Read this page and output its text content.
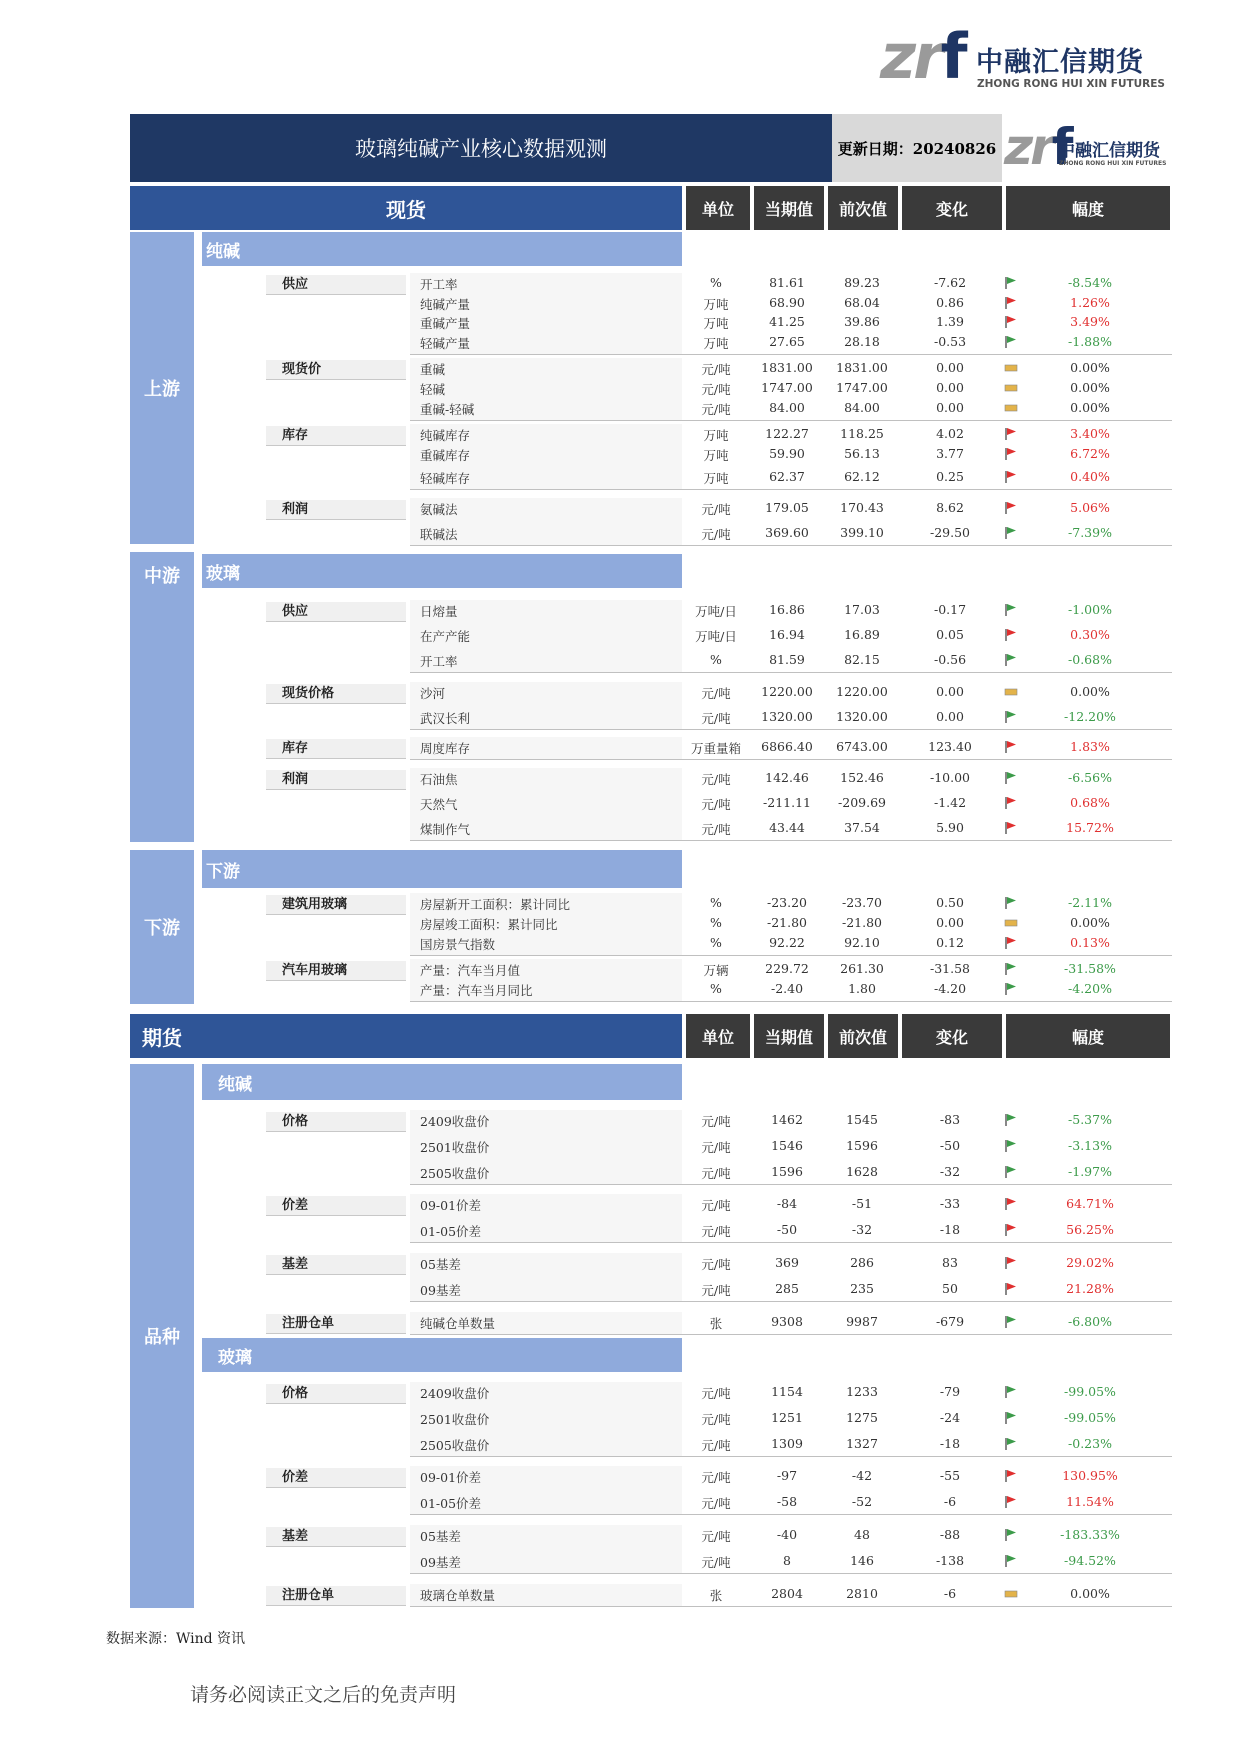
zrf 中融汇信期货
ZHONG RONG HUI XIN FUTURES
玻璃纯碱产业核心数据观测	更新日期：20240826 zrf
中融汇信期货
ZHONG RONG HUI XIN FUTURES
现货	单位	当期值	前次值	变化	幅度
期货	单位	当期值	前次值	变化	幅度
上游
中游
下游
品种
纯碱
玻璃
下游
纯碱
玻璃
供应	开工率	%	81.61	89.23	-7.62	-8.54%
纯碱产量	万吨	68.90	68.04	0.86	1.26%
重碱产量	万吨	41.25	39.86	1.39	3.49%
轻碱产量	万吨	27.65	28.18	-0.53	-1.88%
现货价	重碱	元/吨	1831.00	1831.00	0.00	0.00%
轻碱	元/吨	1747.00	1747.00	0.00	0.00%
重碱-轻碱	元/吨	84.00	84.00	0.00	0.00%
库存	纯碱库存	万吨	122.27	118.25	4.02	3.40%
重碱库存	万吨	59.90	56.13	3.77	6.72%
轻碱库存	万吨	62.37	62.12	0.25	0.40%
利润	氨碱法	元/吨	179.05	170.43	8.62	5.06%
联碱法	元/吨	369.60	399.10	-29.50	-7.39%
供应	日熔量	万吨/日	16.86	17.03	-0.17	-1.00%
在产产能	万吨/日	16.94	16.89	0.05	0.30%
开工率	%	81.59	82.15	-0.56	-0.68%
现货价格	沙河	元/吨	1220.00	1220.00	0.00	0.00%
武汉长利	元/吨	1320.00	1320.00	0.00	-12.20%
库存	周度库存	万重量箱	6866.40	6743.00	123.40	1.83%
利润	石油焦	元/吨	142.46	152.46	-10.00	-6.56%
天然气	元/吨	-211.11	-209.69	-1.42	0.68%
煤制作气	元/吨	43.44	37.54	5.90	15.72%
建筑用玻璃	房屋新开工面积：累计同比	%	-23.20	-23.70	0.50	-2.11%
房屋竣工面积：累计同比	%	-21.80	-21.80	0.00	0.00%
国房景气指数	%	92.22	92.10	0.12	0.13%
汽车用玻璃	产量：汽车当月值	万辆	229.72	261.30	-31.58	-31.58%
产量：汽车当月同比	%	-2.40	1.80	-4.20	-4.20%
价格	2409收盘价	元/吨	1462	1545	-83	-5.37%
2501收盘价	元/吨	1546	1596	-50	-3.13%
2505收盘价	元/吨	1596	1628	-32	-1.97%
价差	09-01价差	元/吨	-84	-51	-33	64.71%
01-05价差	元/吨	-50	-32	-18	56.25%
基差	05基差	元/吨	369	286	83	29.02%
09基差	元/吨	285	235	50	21.28%
注册仓单	纯碱仓单数量	张	9308	9987	-679	-6.80%
价格	2409收盘价	元/吨	1154	1233	-79	-99.05%
2501收盘价	元/吨	1251	1275	-24	-99.05%
2505收盘价	元/吨	1309	1327	-18	-0.23%
价差	09-01价差	元/吨	-97	-42	-55	130.95%
01-05价差	元/吨	-58	-52	-6	11.54%
基差	05基差	元/吨	-40	48	-88	-183.33%
09基差	元/吨	8	146	-138	-94.52%
注册仓单	玻璃仓单数量	张	2804	2810	-6	0.00%
数据来源：Wind 资讯
请务必阅读正文之后的免责声明
